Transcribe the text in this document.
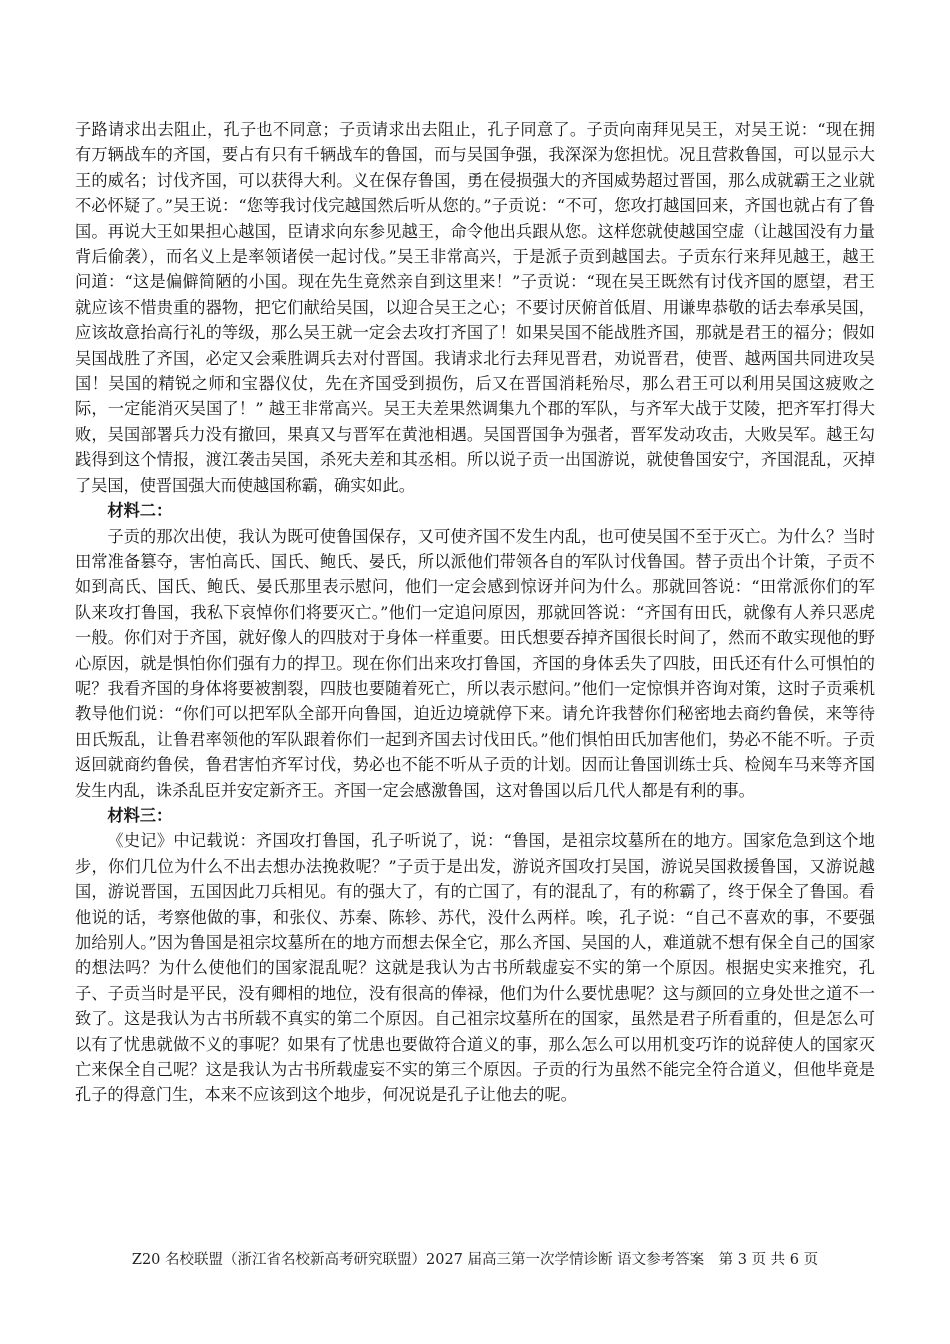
子路请求出去阻止，孔子也不同意；子贡请求出去阻止，孔子同意了。子贡向南拜见吴王，对吴王说：“现在拥有万辆战车的齐国，要占有只有千辆战车的鲁国，而与吴国争强，我深深为您担忧。况且营救鲁国，可以显示大王的威名；讨伐齐国，可以获得大利。义在保存鲁国，勇在侵损强大的齐国威势超过晋国，那么成就霸王之业就不必怀疑了。”吴王说：“您等我讨伐完越国然后听从您的。”子贡说：“不可，您攻打越国回来，齐国也就占有了鲁国。再说大王如果担心越国，臣请求向东参见越王，命令他出兵跟从您。这样您就使越国空虚（让越国没有力量背后偷袭），而名义上是率领诸侯一起讨伐。”吴王非常高兴，于是派子贡到越国去。子贡东行来拜见越王，越王问道：“这是偏僻简陋的小国。现在先生竟然亲自到这里来！”子贡说：“现在吴王既然有讨伐齐国的愿望，君王就应该不惜贵重的器物，把它们献给吴国，以迎合吴王之心；不要讨厌俯首低眉、用谦卑恭敬的话去奉承吴国，应该故意抬高行礼的等级，那么吴王就一定会去攻打齐国了！如果吴国不能战胜齐国，那就是君王的福分；假如吴国战胜了齐国，必定又会乘胜调兵去对付晋国。我请求北行去拜见晋君，劝说晋君，使晋、越两国共同进攻吴国！吴国的精锐之师和宝器仪仗，先在齐国受到损伤，后又在晋国消耗殆尽，那么君王可以利用吴国这疲败之际，一定能消灭吴国了！” 越王非常高兴。吴王夫差果然调集九个郡的军队，与齐军大战于艾陵，把齐军打得大败，吴国部署兵力没有撤回，果真又与晋军在黄池相遇。吴国晋国争为强者，晋军发动攻击，大败吴军。越王勾践得到这个情报，渡江袭击吴国，杀死夫差和其丞相。所以说子贡一出国游说，就使鲁国安宁，齐国混乱，灭掉了吴国，使晋国强大而使越国称霸，确实如此。

材料二：

子贡的那次出使，我认为既可使鲁国保存，又可使齐国不发生内乱，也可使吴国不至于灭亡。为什么？当时田常准备篡夺，害怕高氏、国氏、鲍氏、晏氏，所以派他们带领各自的军队讨伐鲁国。替子贡出个计策，子贡不如到高氏、国氏、鲍氏、晏氏那里表示慰问，他们一定会感到惊讶并问为什么。那就回答说：“田常派你们的军队来攻打鲁国，我私下哀悼你们将要灭亡。”他们一定追问原因，那就回答说：“齐国有田氏，就像有人养只恶虎一般。你们对于齐国，就好像人的四肢对于身体一样重要。田氏想要吞掉齐国很长时间了，然而不敢实现他的野心原因，就是惧怕你们强有力的捍卫。现在你们出来攻打鲁国，齐国的身体丢失了四肢，田氏还有什么可惧怕的呢？我看齐国的身体将要被割裂，四肢也要随着死亡，所以表示慰问。”他们一定惊惧并咨询对策，这时子贡乘机教导他们说：“你们可以把军队全部开向鲁国，迫近边境就停下来。请允许我替你们秘密地去商约鲁侯，来等待田氏叛乱，让鲁君率领他的军队跟着你们一起到齐国去讨伐田氏。”他们惧怕田氏加害他们，势必不能不听。子贡返回就商约鲁侯，鲁君害怕齐军讨伐，势必也不能不听从子贡的计划。因而让鲁国训练士兵、检阅车马来等齐国发生内乱，诛杀乱臣并安定新齐王。齐国一定会感激鲁国，这对鲁国以后几代人都是有利的事。

材料三：

《史记》中记载说：齐国攻打鲁国，孔子听说了，说：“鲁国，是祖宗坟墓所在的地方。国家危急到这个地步，你们几位为什么不出去想办法挽救呢？”子贡于是出发，游说齐国攻打吴国，游说吴国救援鲁国，又游说越国，游说晋国，五国因此刀兵相见。有的强大了，有的亡国了，有的混乱了，有的称霸了，终于保全了鲁国。看他说的话，考察他做的事，和张仪、苏秦、陈轸、苏代，没什么两样。唉，孔子说：“自己不喜欢的事，不要强加给别人。”因为鲁国是祖宗坟墓所在的地方而想去保全它，那么齐国、吴国的人，难道就不想有保全自己的国家的想法吗？为什么使他们的国家混乱呢？这就是我认为古书所载虚妄不实的第一个原因。根据史实来推究，孔子、子贡当时是平民，没有卿相的地位，没有很高的俸禄，他们为什么要忧患呢？这与颜回的立身处世之道不一致了。这是我认为古书所载不真实的第二个原因。自己祖宗坟墓所在的国家，虽然是君子所看重的，但是怎么可以有了忧患就做不义的事呢？如果有了忧患也要做符合道义的事，那么怎么可以用机变巧诈的说辞使人的国家灭亡来保全自己呢？这是我认为古书所载虚妄不实的第三个原因。子贡的行为虽然不能完全符合道义，但他毕竟是孔子的得意门生，本来不应该到这个地步，何况说是孔子让他去的呢。

Z20 名校联盟（浙江省名校新高考研究联盟）2027 届高三第一次学情诊断 语文参考答案　第 3 页 共 6 页
